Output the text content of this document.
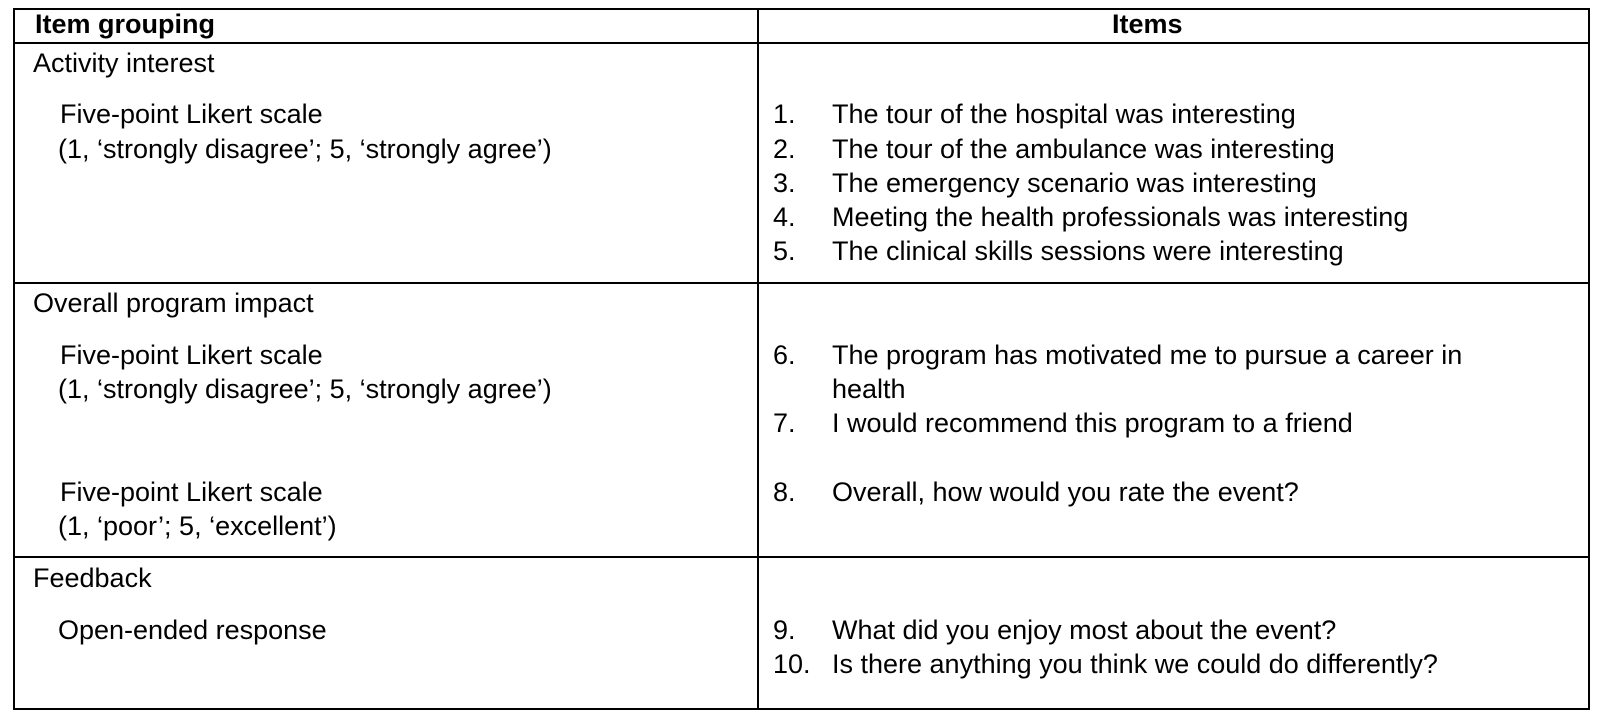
Item grouping	Items
Activity interest
Five-point Likert scale
(1, ‘strongly disagree’; 5, ‘strongly agree’)
1. The tour of the hospital was interesting
2. The tour of the ambulance was interesting
3. The emergency scenario was interesting
4. Meeting the health professionals was interesting
5. The clinical skills sessions were interesting
Overall program impact
Five-point Likert scale
(1, ‘strongly disagree’; 5, ‘strongly agree’)
Five-point Likert scale
(1, ‘poor’; 5, ‘excellent’)
6. The program has motivated me to pursue a career in
health
7. I would recommend this program to a friend
8. Overall, how would you rate the event?
Feedback
Open-ended response	9. What did you enjoy most about the event?
10. Is there anything you think we could do differently?
